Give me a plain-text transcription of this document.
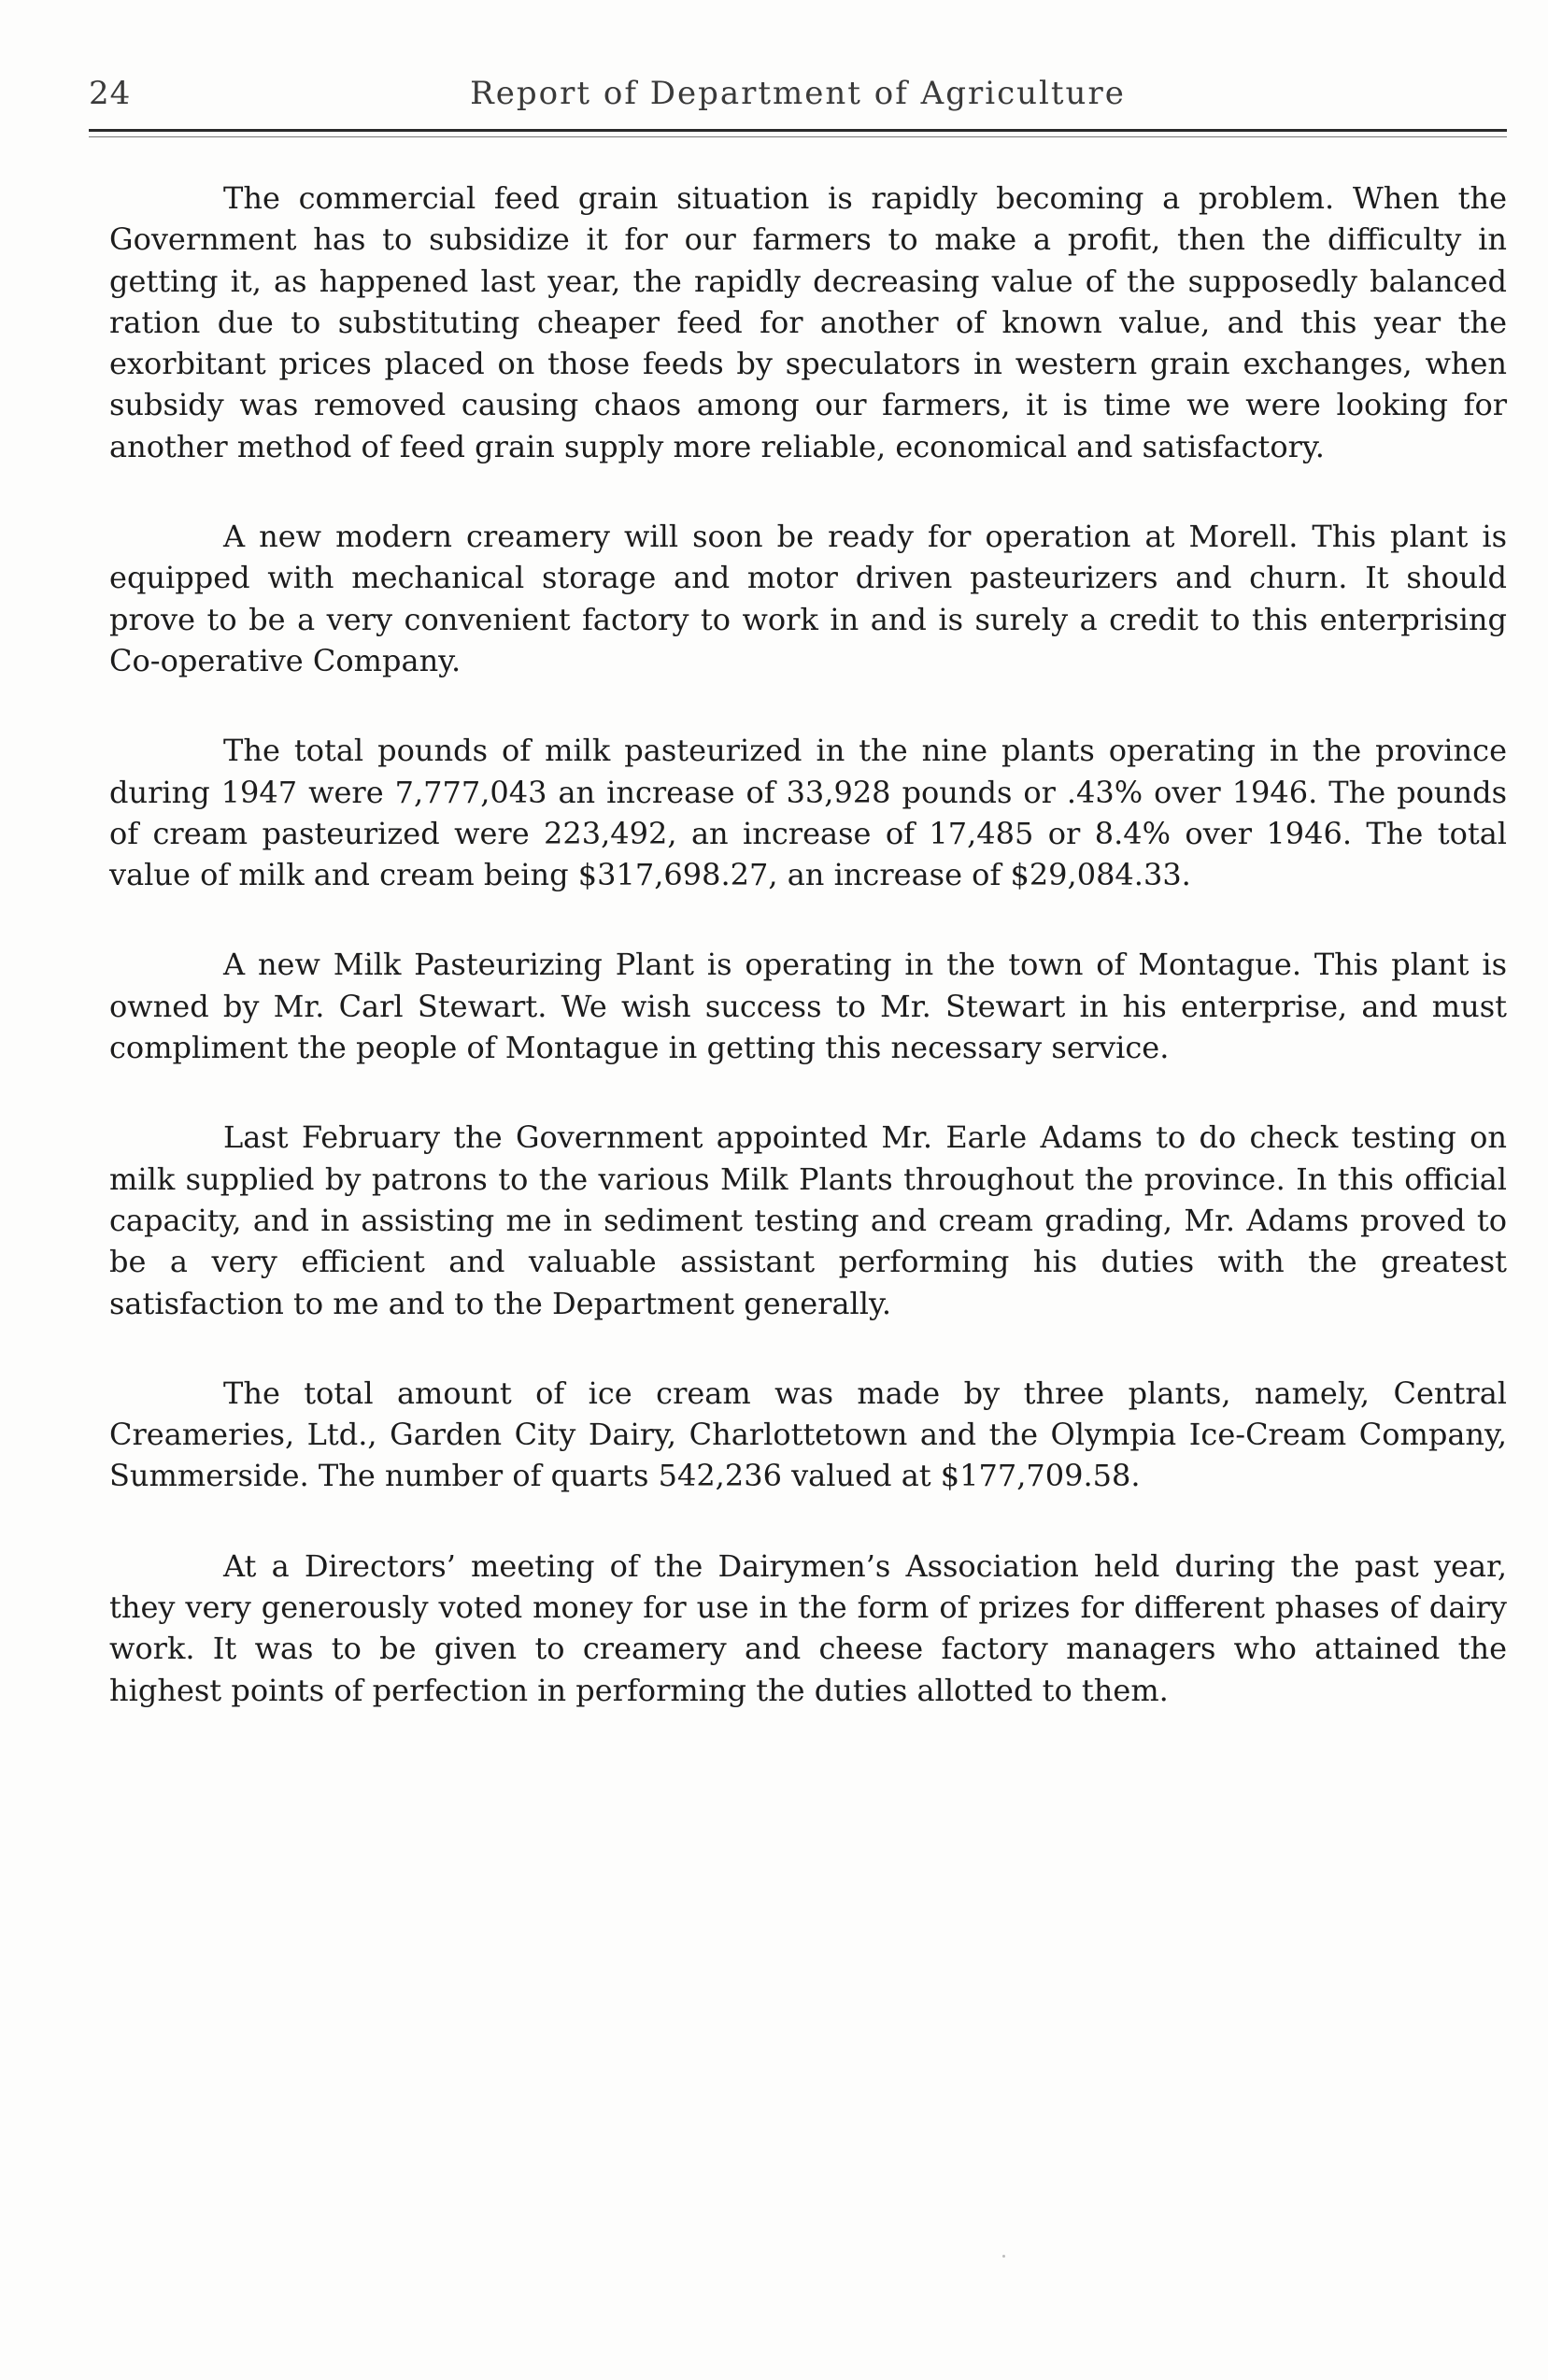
24	Report of Department of Agriculture

The commercial feed grain situation is rapidly becoming a problem. When the Government has to subsidize it for our farmers to make a profit, then the difficulty in getting it, as happened last year, the rapidly decreasing value of the supposedly balanced ration due to substituting cheaper feed for another of known value, and this year the exorbitant prices placed on those feeds by speculators in western grain exchanges, when subsidy was removed causing chaos among our farmers, it is time we were looking for another method of feed grain supply more reliable, economical and satisfactory.

A new modern creamery will soon be ready for operation at Morell. This plant is equipped with mechanical storage and motor driven pasteurizers and churn. It should prove to be a very convenient factory to work in and is surely a credit to this enterprising Co-operative Company.

The total pounds of milk pasteurized in the nine plants operating in the province during 1947 were 7,777,043 an increase of 33,928 pounds or .43% over 1946. The pounds of cream pasteurized were 223,492, an increase of 17,485 or 8.4% over 1946. The total value of milk and cream being $317,698.27, an increase of $29,084.33.

A new Milk Pasteurizing Plant is operating in the town of Montague. This plant is owned by Mr. Carl Stewart. We wish success to Mr. Stewart in his enterprise, and must compliment the people of Montague in getting this necessary service.

Last February the Government appointed Mr. Earle Adams to do check testing on milk supplied by patrons to the various Milk Plants throughout the province. In this official capacity, and in assisting me in sediment testing and cream grading, Mr. Adams proved to be a very efficient and valuable assistant performing his duties with the greatest satisfaction to me and to the Department generally.

The total amount of ice cream was made by three plants, namely, Central Creameries, Ltd., Garden City Dairy, Charlottetown and the Olympia Ice-Cream Company, Summerside. The number of quarts 542,236 valued at $177,709.58.

At a Directors’ meeting of the Dairymen’s Association held during the past year, they very generously voted money for use in the form of prizes for different phases of dairy work. It was to be given to creamery and cheese factory managers who attained the highest points of perfection in performing the duties allotted to them.
